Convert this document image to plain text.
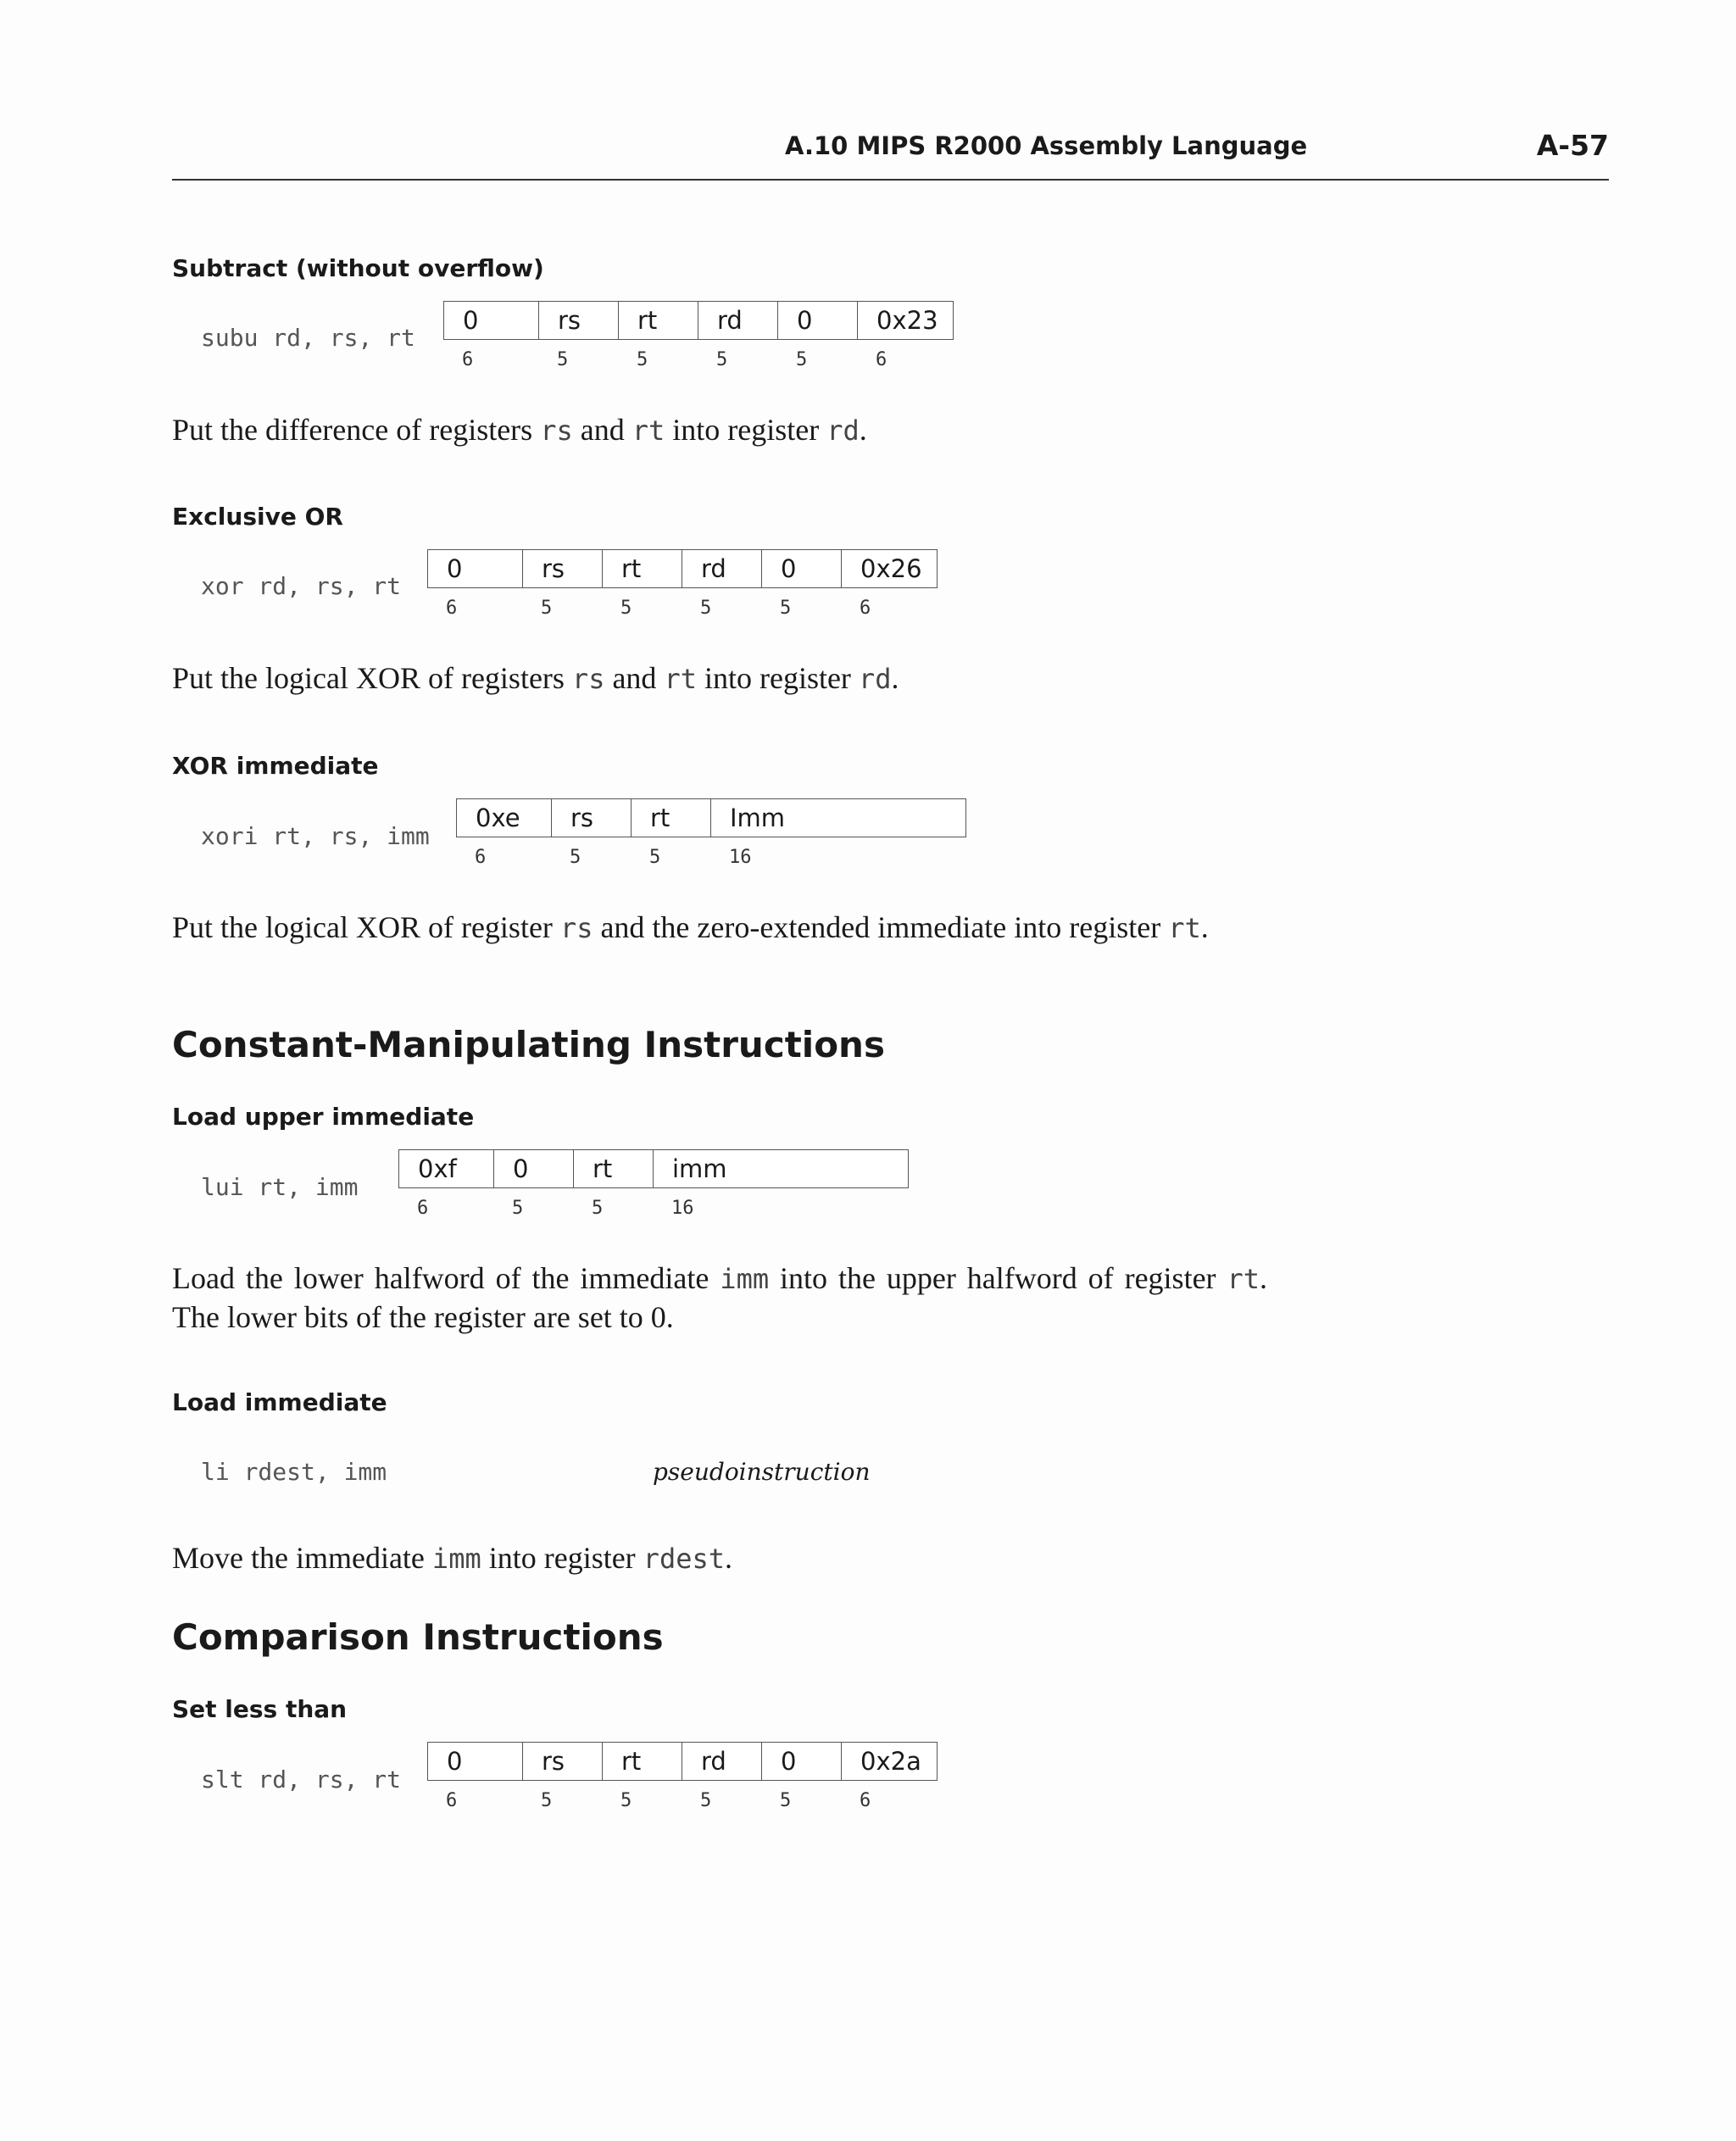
A.10 MIPS R2000 Assembly Language	A-57
Subtract (without overflow)
subu rd, rs, rt
0	rs	rt	rd	0	0x23
6	5	5	5	5	6
Put the difference of registers rs and rt into register rd.
Exclusive OR
xor rd, rs, rt
0	rs	rt	rd	0	0x26
6	5	5	5	5	6
Put the logical XOR of registers rs and rt into register rd.
XOR immediate
xori rt, rs, imm
0xe	rs	rt	Imm
6	5	5	16
Put the logical XOR of register rs and the zero-extended immediate into register rt.
Constant-Manipulating Instructions
Load upper immediate
lui rt, imm
0xf	0	rt	imm
6	5	5	16
Load the lower halfword of the immediate imm into the upper halfword of register rt. The lower bits of the register are set to 0.
Load immediate
li rdest, imm	pseudoinstruction
Move the immediate imm into register rdest.
Comparison Instructions
Set less than
slt rd, rs, rt
0	rs	rt	rd	0	0x2a
6	5	5	5	5	6
